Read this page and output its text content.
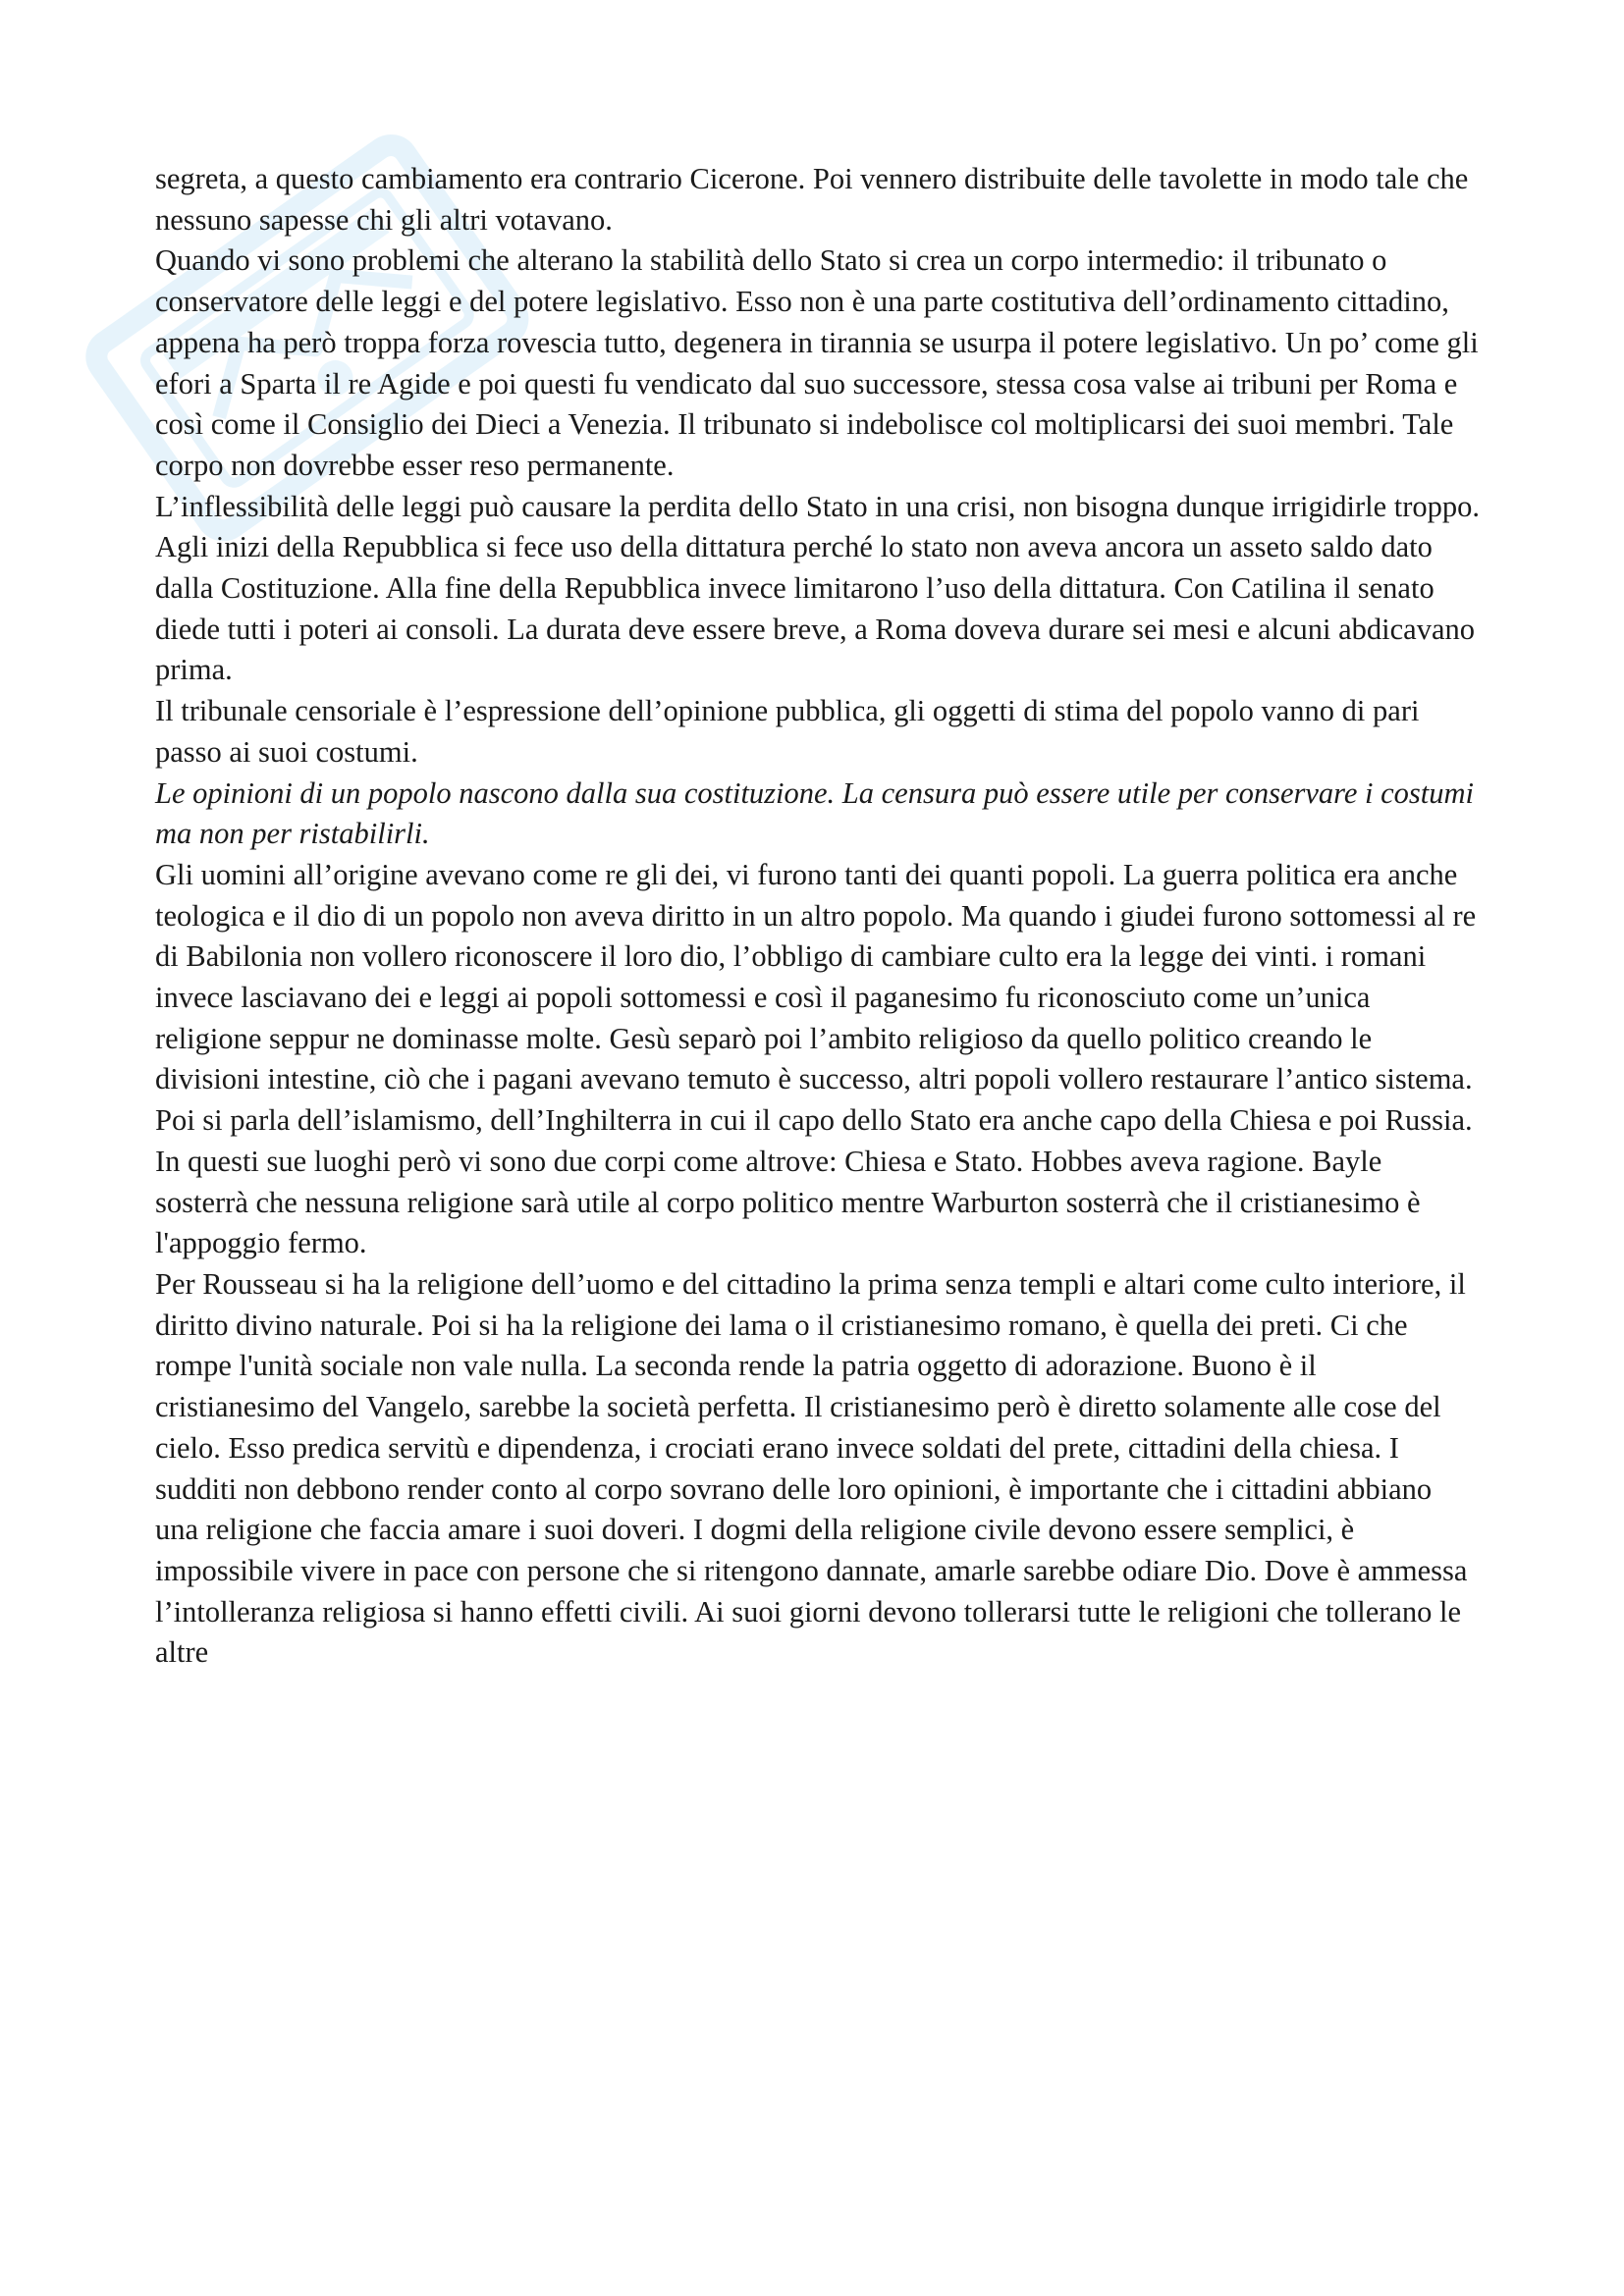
segreta, a questo cambiamento era contrario Cicerone. Poi vennero distribuite delle tavolette in modo tale che nessuno sapesse chi gli altri votavano.

Quando vi sono problemi che alterano la stabilità dello Stato si crea un corpo intermedio: il tribunato o conservatore delle leggi e del potere legislativo. Esso non è una parte costitutiva dell’ordinamento cittadino, appena ha però troppa forza rovescia tutto, degenera in tirannia se usurpa il potere legislativo. Un po’ come gli efori a Sparta il re Agide e poi questi fu vendicato dal suo successore, stessa cosa valse ai tribuni per Roma e così come il Consiglio dei Dieci a Venezia. Il tribunato si indebolisce col moltiplicarsi dei suoi membri. Tale corpo non dovrebbe esser reso permanente.

L’inflessibilità delle leggi può causare la perdita dello Stato in una crisi, non bisogna dunque irrigidirle troppo. Agli inizi della Repubblica si fece uso della dittatura perché lo stato non aveva ancora un asseto saldo dato dalla Costituzione. Alla fine della Repubblica invece limitarono l’uso della dittatura. Con Catilina il senato diede tutti i poteri ai consoli. La durata deve essere breve, a Roma doveva durare sei mesi e alcuni abdicavano prima.

Il tribunale censoriale è l’espressione dell’opinione pubblica, gli oggetti di stima del popolo vanno di pari passo ai suoi costumi.

Le opinioni di un popolo nascono dalla sua costituzione. La censura può essere utile per conservare i costumi ma non per ristabilirli.

Gli uomini all’origine avevano come re gli dei, vi furono tanti dei quanti popoli. La guerra politica era anche teologica e il dio di un popolo non aveva diritto in un altro popolo. Ma quando i giudei furono sottomessi al re di Babilonia non vollero riconoscere il loro dio, l’obbligo di cambiare culto era la legge dei vinti. i romani invece lasciavano dei e leggi ai popoli sottomessi e così il paganesimo fu riconosciuto come un’unica religione seppur ne dominasse molte. Gesù separò poi l’ambito religioso da quello politico creando le divisioni intestine, ciò che i pagani avevano temuto è successo, altri popoli vollero restaurare l’antico sistema. Poi si parla dell’islamismo, dell’Inghilterra in cui il capo dello Stato era anche capo della Chiesa e poi Russia. In questi sue luoghi però vi sono due corpi come altrove: Chiesa e Stato. Hobbes aveva ragione. Bayle sosterrà che nessuna religione sarà utile al corpo politico mentre Warburton sosterrà che il cristianesimo è l'appoggio fermo.

Per Rousseau si ha la religione dell’uomo e del cittadino la prima senza templi e altari come culto interiore, il diritto divino naturale. Poi si ha la religione dei lama o il cristianesimo romano, è quella dei preti. Ci che rompe l'unità sociale non vale nulla. La seconda rende la patria oggetto di adorazione. Buono è il cristianesimo del Vangelo, sarebbe la società perfetta. Il cristianesimo però è diretto solamente alle cose del cielo. Esso predica servitù e dipendenza, i crociati erano invece soldati del prete, cittadini della chiesa. I sudditi non debbono render conto al corpo sovrano delle loro opinioni, è importante che i cittadini abbiano una religione che faccia amare i suoi doveri. I dogmi della religione civile devono essere semplici, è impossibile vivere in pace con persone che si ritengono dannate, amarle sarebbe odiare Dio. Dove è ammessa l’intolleranza religiosa si hanno effetti civili. Ai suoi giorni devono tollerarsi tutte le religioni che tollerano le altre
